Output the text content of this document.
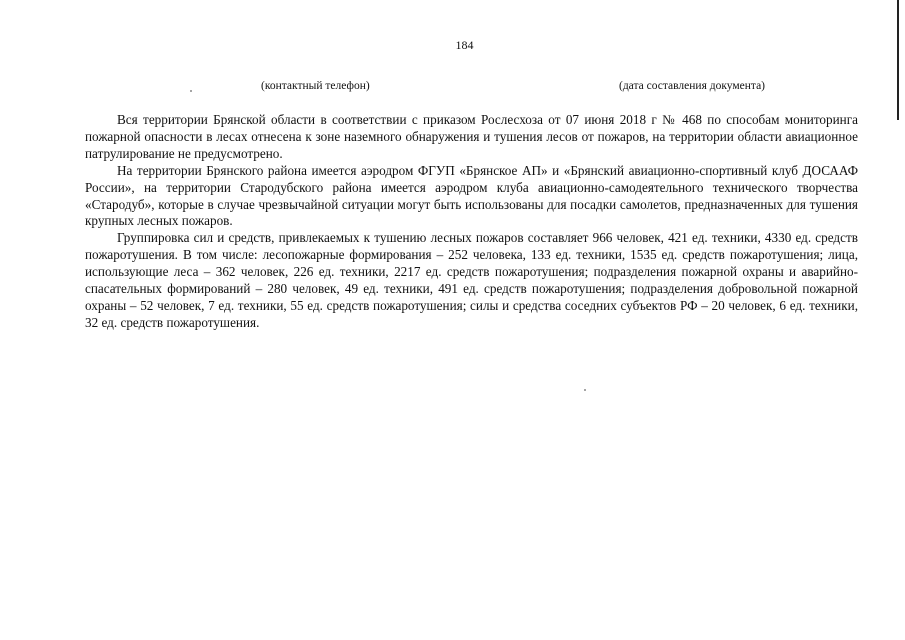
184
(контактный телефон)	(дата составления документа)

Вся территории Брянской области в соответствии с приказом Рослесхоза от 07 июня 2018 г № 468 по способам мониторинга пожарной опасности в лесах отнесена к зоне наземного обнаружения и тушения лесов от пожаров, на территории области авиационное патрулирование не предусмотрено.

На территории Брянского района имеется аэродром ФГУП «Брянское АП» и «Брянский авиационно-спортивный клуб ДОСААФ России», на территории Стародубского района имеется аэродром клуба авиационно-самодеятельного технического творчества «Стародуб», которые в случае чрезвычайной ситуации могут быть использованы для посадки самолетов, предназначенных для тушения крупных лесных пожаров.

Группировка сил и средств, привлекаемых к тушению лесных пожаров составляет 966 человек, 421 ед. техники, 4330 ед. средств пожаротушения. В том числе: лесопожарные формирования – 252 человека, 133 ед. техники, 1535 ед. средств пожаротушения; лица, использующие леса – 362 человек, 226 ед. техники, 2217 ед. средств пожаротушения; подразделения пожарной охраны и аварийно-спасательных формирований – 280 человек, 49 ед. техники, 491 ед. средств пожаротушения; подразделения добровольной пожарной охраны – 52 человек, 7 ед. техники, 55 ед. средств пожаротушения; силы и средства соседних субъектов РФ – 20 человек, 6 ед. техники, 32 ед. средств пожаротушения.
